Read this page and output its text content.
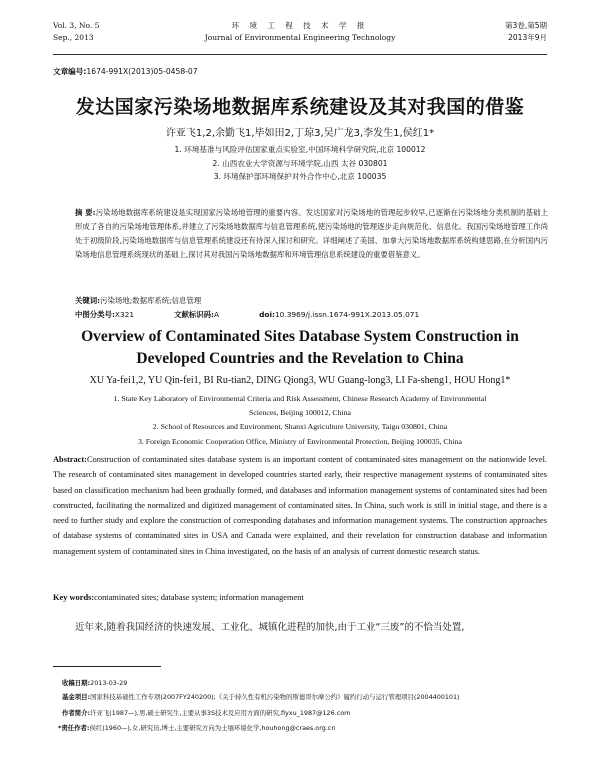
Vol. 3, No. 5
Sep., 2013
环 境 工 程 技 术 学 报
Journal of Environmental Engineering Technology
第3卷,第5期
2013年9月
文章编号:1674-991X(2013)05-0458-07
发达国家污染场地数据库系统建设及其对我国的借鉴
许亚飞1,2,余勤飞1,毕如田2,丁琼3,吴广龙3,李发生1,侯红1*
1. 环境基准与风险评估国家重点实验室,中国环境科学研究院,北京 100012
2. 山西农业大学资源与环境学院,山西 太谷 030801
3. 环境保护部环境保护对外合作中心,北京 100035
摘 要:污染场地数据库系统建设是实现国家污染场地管理的重要内容。发达国家对污染场地的管理起步较早,已逐渐在污染场地分类机制的基础上形成了各自的污染场地管理体系,并建立了污染场地数据库与信息管理系统,使污染场地的管理逐步走向规范化、信息化。我国污染场地管理工作尚处于初级阶段,污染场地数据库与信息管理系统建设还有待深入探讨和研究。详细阐述了美国、加拿大污染场地数据库系统构建思路,在分析国内污染场地信息管理系统现状的基础上,探讨其对我国污染场地数据库和环境管理信息系统建设的重要借鉴意义。
关键词:污染场地;数据库系统;信息管理
中图分类号:X321	文献标识码:A	doi:10.3969/j.issn.1674-991X.2013.05.071
Overview of Contaminated Sites Database System Construction in
Developed Countries and the Revelation to China
XU Ya-fei1,2, YU Qin-fei1, BI Ru-tian2, DING Qiong3, WU Guang-long3, LI Fa-sheng1, HOU Hong1*
1. State Key Laboratory of Environmental Criteria and Risk Assessment, Chinese Research Academy of Environmental
Sciences, Beijing 100012, China
2. School of Resources and Environment, Shanxi Agriculture University, Taigu 030801, China
3. Foreign Economic Cooperation Office, Ministry of Environmental Protection, Beijing 100035, China
Abstract:Construction of contaminated sites database system is an important content of contaminated sites management on the nationwide level. The research of contaminated sites management in developed countries started early, their respective management systems of contaminated sites based on classification mechanism had been gradually formed, and databases and information management systems of contaminated sites had been constructed, facilitating the normalized and digitized management of contaminated sites. In China, such work is still in initial stage, and there is a need to further study and explore the construction of corresponding databases and information management systems. The construction approaches of database systems of contaminated sites in USA and Canada were explained, and their revelation for construction database and information management system of contaminated sites in China investigated, on the basis of an analysis of current domestic research status.
Key words:contaminated sites; database system; information management
近年来,随着我国经济的快速发展、工业化、城镇化进程的加快,由于工业“三废”的不恰当处置,
收稿日期:2013-03-29
基金项目:国家科技基础性工作专项(2007FY240200);《关于持久性有机污染物的斯德哥尔摩公约》履约行动与运行管理项目(2004400101)
作者简介:许亚飞(1987—),男,硕士研究生,主要从事3S技术及应用方面的研究,flyxu_1987@126.com
*责任作者:侯红(1960—),女,研究员,博士,主要研究方向为土壤环境化学,houhong@craes.org.cn
